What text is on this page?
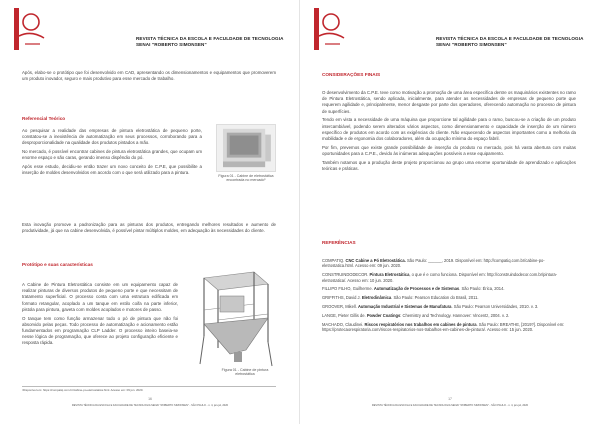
REVISTA TÉCNICA DA ESCOLA E FACULDADE DE TECNOLOGIA
SENAI "ROBERTO SIMONSEN"

Após, elabo-se o protótipo que foi desenvolvido em CAD, apresentando os dimensionamentos e equipamentos que promoverem um produto inovador, seguro e mais produtivo para esse mercado de trabalho.

Referencial Teórico

Ao pesquisar a realidade das empresas de pintura eletrostática de pequeno porte, constatou-se a inexistência de automatização em seus processos, corroborando para a desproporcionalidade na qualidade dos produtos pintados a mão.

No mercado, é possível encontrar cabines de pintura eletrostática grandes, que ocupam um enorme espaço e são caras, gerando imenso dispêndio do pó.

Após esse estudo, decidiu-se então trazer um novo conceito de C.P.E, que possibilite a inserção de moldes desenvolvidos em acordo com o que será utilizado para a pintura.

Esta inovação promove a padronização para as pinturas dos produtos, entregando melhores resultados e aumento de produtividade, já que na cabine desenvolvida, é possível pintar múltiplos moldes, em adequação às necessidades do cliente.

Figura 01 - Cabine de eletrostática encontrada no mercado¹
Protótipo e suas características

A Cabine de Pintura Eletrostática consiste em um equipamento capaz de realizar pinturas de diversos produtos de pequeno porte e que necessitam de tratamento superficial. O processo conta com uma estrutura edificada em formato retangular, acoplado a um tanque em estilo coifa na parte inferior, pistola para pintura, gaveta com moldes acoplados e motores de passo.

O tanque tem como função armazenar todo o pó de pintura que não foi absorvido pelas peças. Todo processo de automatização e acionamento estão fundamentados em programação CLP Ladder. O processo inteiro baseia-se nesse lógica de programação, que oferece ao projeto configuração eficiente e resposta rápida.

Figura 01 - Cabine de pintura eletrostática
¹Disponível em: https://compatiq.com.br/cabine-po-eletrostatica.html. Acesso em: 09 jun. 2020.
16
REVISTA TÉCNICA DA ESCOLA E FACULDADE DE TECNOLOGIA SENAI "ROBERTO SIMONSEN" - SÃO PAULO - n. 4, jan-jul, 2020
REVISTA TÉCNICA DA ESCOLA E FACULDADE DE TECNOLOGIA
SENAI "ROBERTO SIMONSEN"
CONSIDERAÇÕES FINAIS

O desenvolvimento da C.P.E. teve como motivação a promoção de uma área específica dentre os maquinários existentes no ramo de Pintura Eletrostática, sendo aplicada, inicialmente, para atender as necessidades de empresas de pequeno porte que requerem agilidade e, principalmente, menor desgaste por parte dos operadores, oferecendo automação no processo de pintura de superfícies.

Tendo em vista a necessidade de uma máquina que proporcione tal agilidade para o ramo, buscou-se a criação de um produto intercambiável, podendo serem alterados vários aspectos, como dimensionamento e capacidade de inserção de um número específico de produtos em acordo com as exigências do cliente. Não esquecendo de aspectos importantes como a melhoria da mobilidade e de ergonomia dos colaboradores, além da ocupação mínima do espaço fabril.

Por fim, prevemos que existe grande possibilidade de inserção do produto no mercado, pois há vasta abertura com muitas oportunidades para a C.P.E., devido às inúmeras adequações possíveis a esse equipamento.

Também notamos que a produção deste projeto proporcionou ao grupo uma enorme oportunidade de aprendizado e aplicações teóricas e práticas.

REFERÊNCIAS
COMPATIQ. CNC Cabine a Pó Eletrostática. São Paulo: ______, 2019. Disponível em: http://compatiq.com.br/cabine-po-eletrostatica.html. Acesso em: 09 jun. 2020.
CONSTRUINDODECOR. Pintura Eletrostática, o que é e como funciona. Disponível em: http://construindodecor.com.br/pintura-eletrostatica/. Acesso em: 10 jun. 2020.
FILLIPO FILHO, Guilherme. Automatização de Processos e de Sistemas. São Paulo: Érica, 2014.
GRIFFITHS, David J. Eletrodinâmica. São Paulo: Pearson Education do Brasil, 2011.
GROOVER, Mikell. Automação Industrial e Sistemas de Manufatura. São Paulo: Pearson Universidades, 2010. v. 3.
LANGE, Pieter Gillis de. Powder Coatings: Chemistry and Technology. Hannover: Vincentz, 2004. v. 2.
MACHADO, Claudinei. Riscos respiratórios nos trabalhos em cabines de pintura. São Paulo: BREATHE, [2019?]. Disponível em: https://protecaorespiratoria.com/riscos-respiratorios-nos-trabalhos-em-cabines-de-pintura/. Acesso em: 15 jun. 2020.
17
REVISTA TÉCNICA DA ESCOLA E FACULDADE DE TECNOLOGIA SENAI "ROBERTO SIMONSEN" - SÃO PAULO - n. 4, jan-jul, 2020
